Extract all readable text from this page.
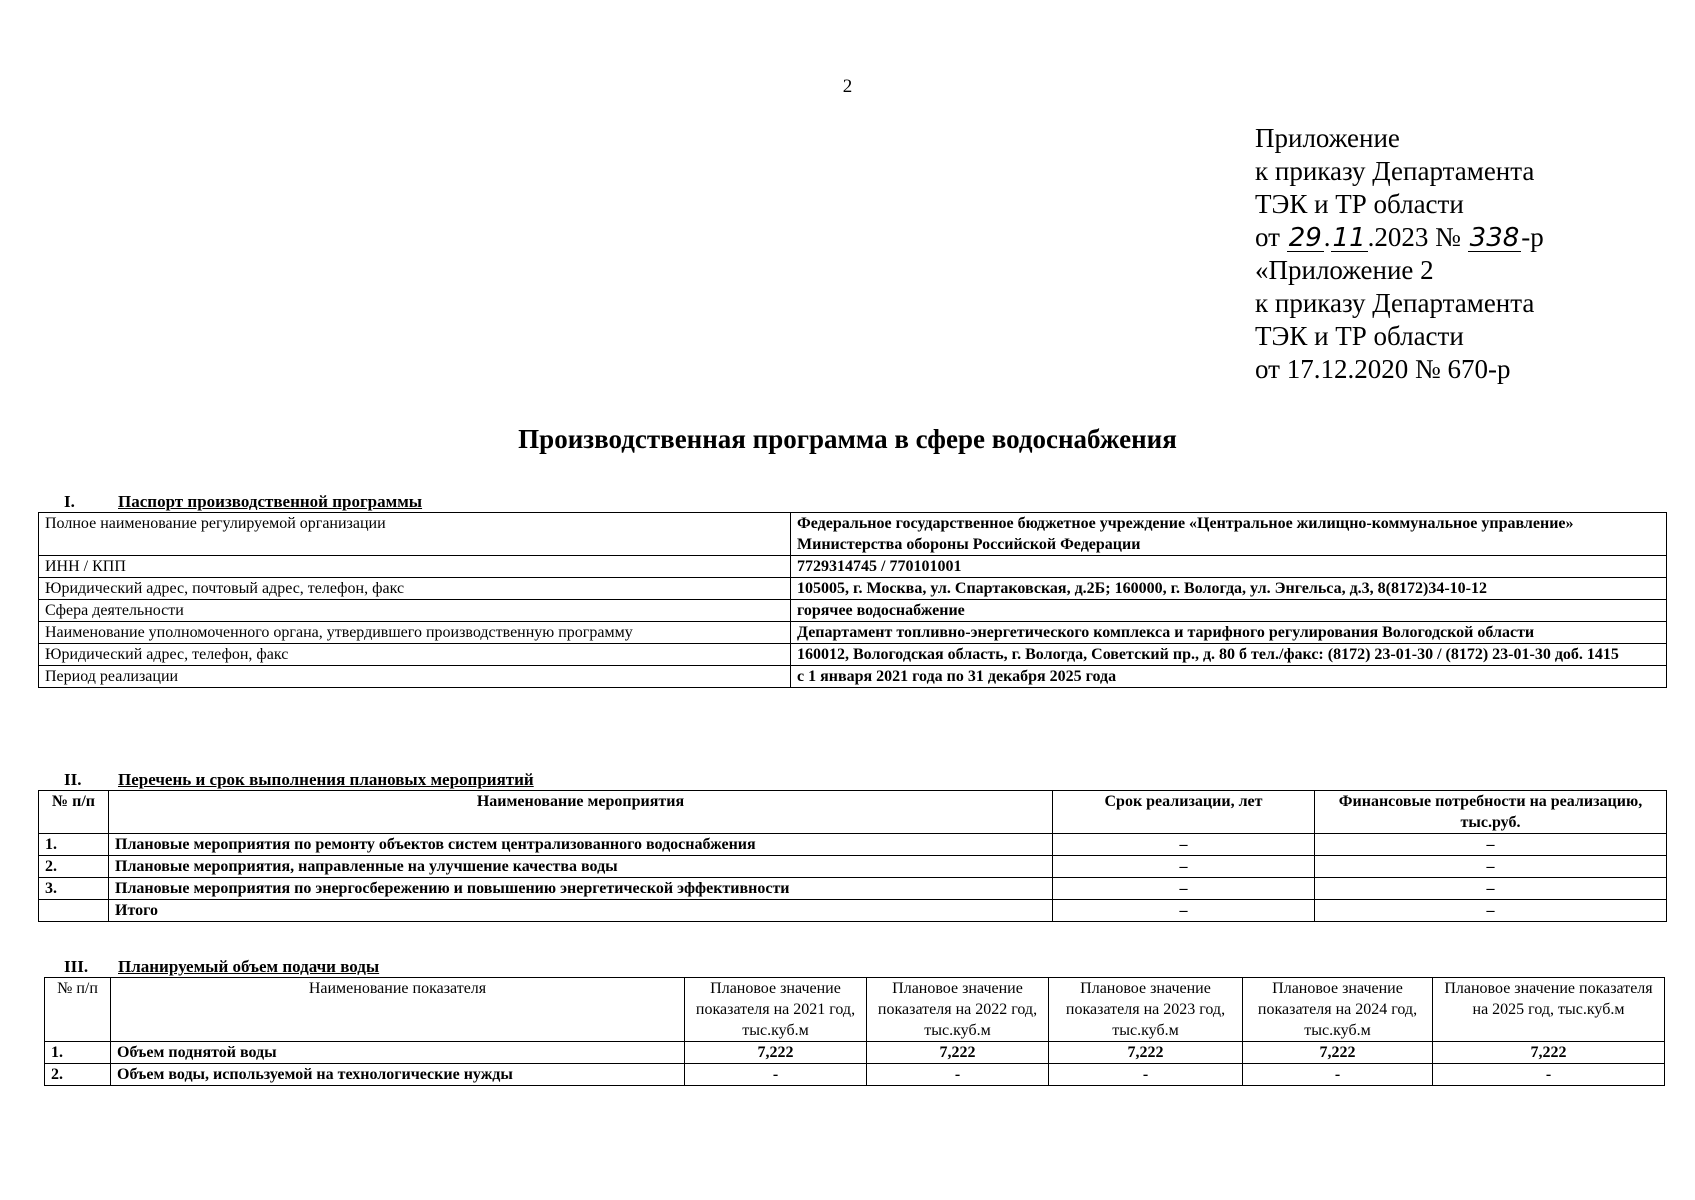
2
Приложение
к приказу Департамента
ТЭК и ТР области
от 29.11.2023 № 338-р
«Приложение 2
к приказу Департамента
ТЭК и ТР области
от 17.12.2020 № 670-р
Производственная программа в сфере водоснабжения
I.	Паспорт производственной программы
Полное наименование регулируемой организации	Федеральное государственное бюджетное учреждение «Центральное жилищно-коммунальное управление» Министерства обороны Российской Федерации
ИНН / КПП	7729314745 / 770101001
Юридический адрес, почтовый адрес, телефон, факс	105005, г. Москва, ул. Спартаковская, д.2Б; 160000, г. Вологда, ул. Энгельса, д.3, 8(8172)34-10-12
Сфера деятельности	горячее водоснабжение
Наименование уполномоченного органа, утвердившего производственную программу	Департамент топливно-энергетического комплекса и тарифного регулирования Вологодской области
Юридический адрес, телефон, факс	160012, Вологодская область, г. Вологда, Советский пр., д. 80 б тел./факс: (8172) 23-01-30 / (8172) 23-01-30 доб. 1415
Период реализации	с 1 января 2021 года по 31 декабря 2025 года
II. Перечень и срок выполнения плановых мероприятий
№ п/п	Наименование мероприятия	Срок реализации, лет	Финансовые потребности на реализацию, тыс.руб.
1.	Плановые мероприятия по ремонту объектов систем централизованного водоснабжения	–	–
2.	Плановые мероприятия, направленные на улучшение качества воды	–	–
3.	Плановые мероприятия по энергосбережению и повышению энергетической эффективности	–	–
	Итого	–	–
III. Планируемый объем подачи воды
№ п/п	Наименование показателя	Плановое значение показателя на 2021 год, тыс.куб.м	Плановое значение показателя на 2022 год, тыс.куб.м	Плановое значение показателя на 2023 год, тыс.куб.м	Плановое значение показателя на 2024 год, тыс.куб.м	Плановое значение показателя на 2025 год, тыс.куб.м
1.	Объем поднятой воды	7,222	7,222	7,222	7,222	7,222
2.	Объем воды, используемой на технологические нужды	-	-	-	-	-
